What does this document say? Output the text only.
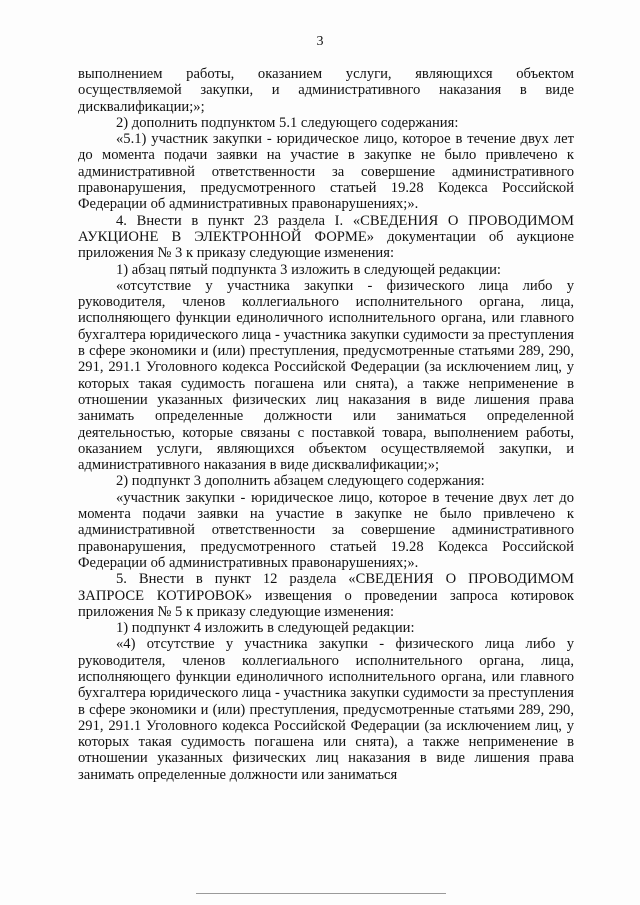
3

выполнением работы, оказанием услуги, являющихся объектом осуществляемой закупки, и административного наказания в виде дисквалификации;»;

2) дополнить подпунктом 5.1 следующего содержания:

«5.1) участник закупки - юридическое лицо, которое в течение двух лет до момента подачи заявки на участие в закупке не было привлечено к административной ответственности за совершение административного правонарушения, предусмотренного статьей 19.28 Кодекса Российской Федерации об административных правонарушениях;».

4. Внести в пункт 23 раздела I. «СВЕДЕНИЯ О ПРОВОДИМОМ АУКЦИОНЕ В ЭЛЕКТРОННОЙ ФОРМЕ» документации об аукционе приложения № 3 к приказу следующие изменения:

1) абзац пятый подпункта 3 изложить в следующей редакции:

«отсутствие у участника закупки - физического лица либо у руководителя, членов коллегиального исполнительного органа, лица, исполняющего функции единоличного исполнительного органа, или главного бухгалтера юридического лица - участника закупки судимости за преступления в сфере экономики и (или) преступления, предусмотренные статьями 289, 290, 291, 291.1 Уголовного кодекса Российской Федерации (за исключением лиц, у которых такая судимость погашена или снята), а также неприменение в отношении указанных физических лиц наказания в виде лишения права занимать определенные должности или заниматься определенной деятельностью, которые связаны с поставкой товара, выполнением работы, оказанием услуги, являющихся объектом осуществляемой закупки, и административного наказания в виде дисквалификации;»;

2) подпункт 3 дополнить абзацем следующего содержания:

«участник закупки - юридическое лицо, которое в течение двух лет до момента подачи заявки на участие в закупке не было привлечено к административной ответственности за совершение административного правонарушения, предусмотренного статьей 19.28 Кодекса Российской Федерации об административных правонарушениях;».

5. Внести в пункт 12 раздела «СВЕДЕНИЯ О ПРОВОДИМОМ ЗАПРОСЕ КОТИРОВОК» извещения о проведении запроса котировок приложения № 5 к приказу следующие изменения:

1) подпункт 4 изложить в следующей редакции:

«4) отсутствие у участника закупки - физического лица либо у руководителя, членов коллегиального исполнительного органа, лица, исполняющего функции единоличного исполнительного органа, или главного бухгалтера юридического лица - участника закупки судимости за преступления в сфере экономики и (или) преступления, предусмотренные статьями 289, 290, 291, 291.1 Уголовного кодекса Российской Федерации (за исключением лиц, у которых такая судимость погашена или снята), а также неприменение в отношении указанных физических лиц наказания в виде лишения права занимать определенные должности или заниматься
